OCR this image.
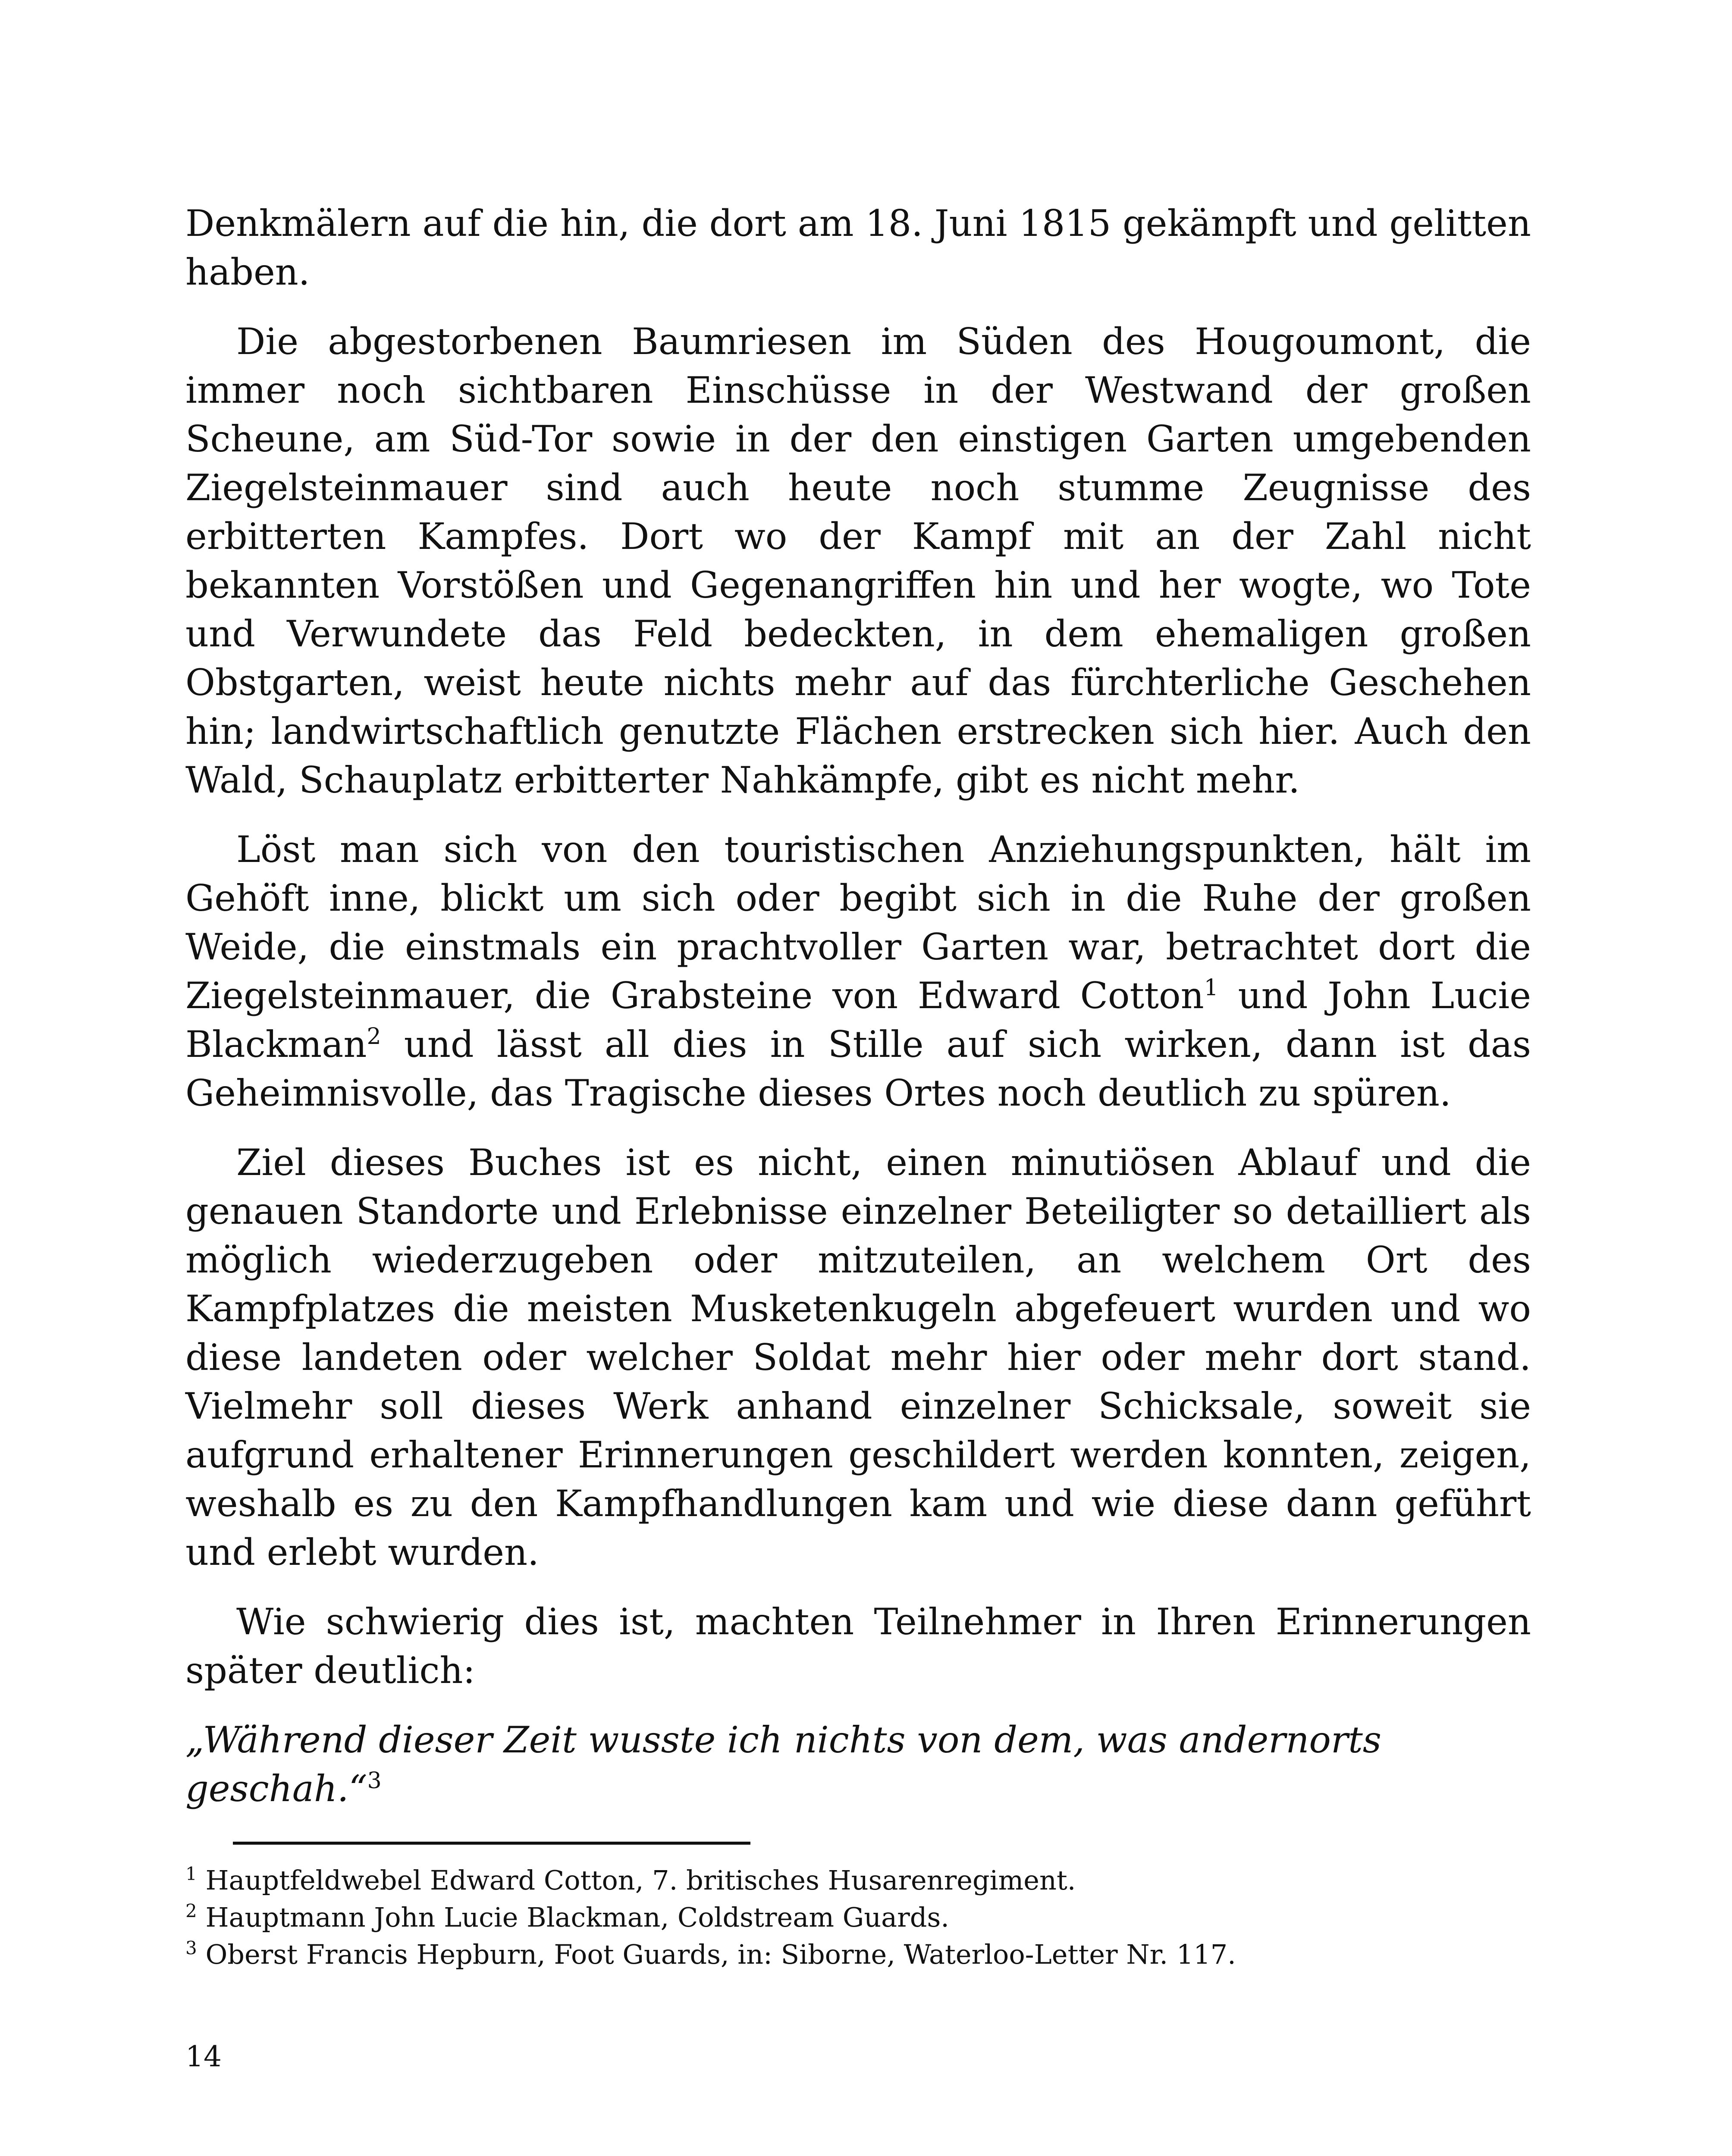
Denkmälern auf die hin, die dort am 18. Juni 1815 gekämpft und gelitten haben.

Die abgestorbenen Baumriesen im Süden des Hougoumont, die immer noch sichtbaren Einschüsse in der Westwand der großen Scheune, am Süd-Tor sowie in der den einstigen Garten umgebenden Ziegelsteinmauer sind auch heute noch stumme Zeugnisse des erbitterten Kampfes. Dort wo der Kampf mit an der Zahl nicht bekannten Vorstößen und Gegenangriffen hin und her wogte, wo Tote und Verwundete das Feld bedeckten, in dem ehemaligen großen Obstgarten, weist heute nichts mehr auf das fürchterliche Geschehen hin; landwirtschaftlich genutzte Flächen erstrecken sich hier. Auch den Wald, Schauplatz erbitterter Nahkämpfe, gibt es nicht mehr.

Löst man sich von den touristischen Anziehungspunkten, hält im Gehöft inne, blickt um sich oder begibt sich in die Ruhe der großen Weide, die einstmals ein prachtvoller Garten war, betrachtet dort die Ziegelsteinmauer, die Grabsteine von Edward Cotton$^1$ und John Lucie Blackman$^2$ und lässt all dies in Stille auf sich wirken, dann ist das Geheimnisvolle, das Tragische dieses Ortes noch deutlich zu spüren.

Ziel dieses Buches ist es nicht, einen minutiösen Ablauf und die genauen Standorte und Erlebnisse einzelner Beteiligter so detailliert als möglich wiederzugeben oder mitzuteilen, an welchem Ort des Kampfplatzes die meisten Musketenkugeln abgefeuert wurden und wo diese landeten oder welcher Soldat mehr hier oder mehr dort stand. Vielmehr soll dieses Werk anhand einzelner Schicksale, soweit sie aufgrund erhaltener Erinnerungen geschildert werden konnten, zeigen, weshalb es zu den Kampfhandlungen kam und wie diese dann geführt und erlebt wurden.

Wie schwierig dies ist, machten Teilnehmer in Ihren Erinnerungen später deutlich:

„Während dieser Zeit wusste ich nichts von dem, was andernorts geschah.“$^3$

$^1$ Hauptfeldwebel Edward Cotton, 7. britisches Husarenregiment.

$^2$ Hauptmann John Lucie Blackman, Coldstream Guards.

$^3$ Oberst Francis Hepburn, Foot Guards, in: Siborne, Waterloo-Letter Nr. 117.

14
